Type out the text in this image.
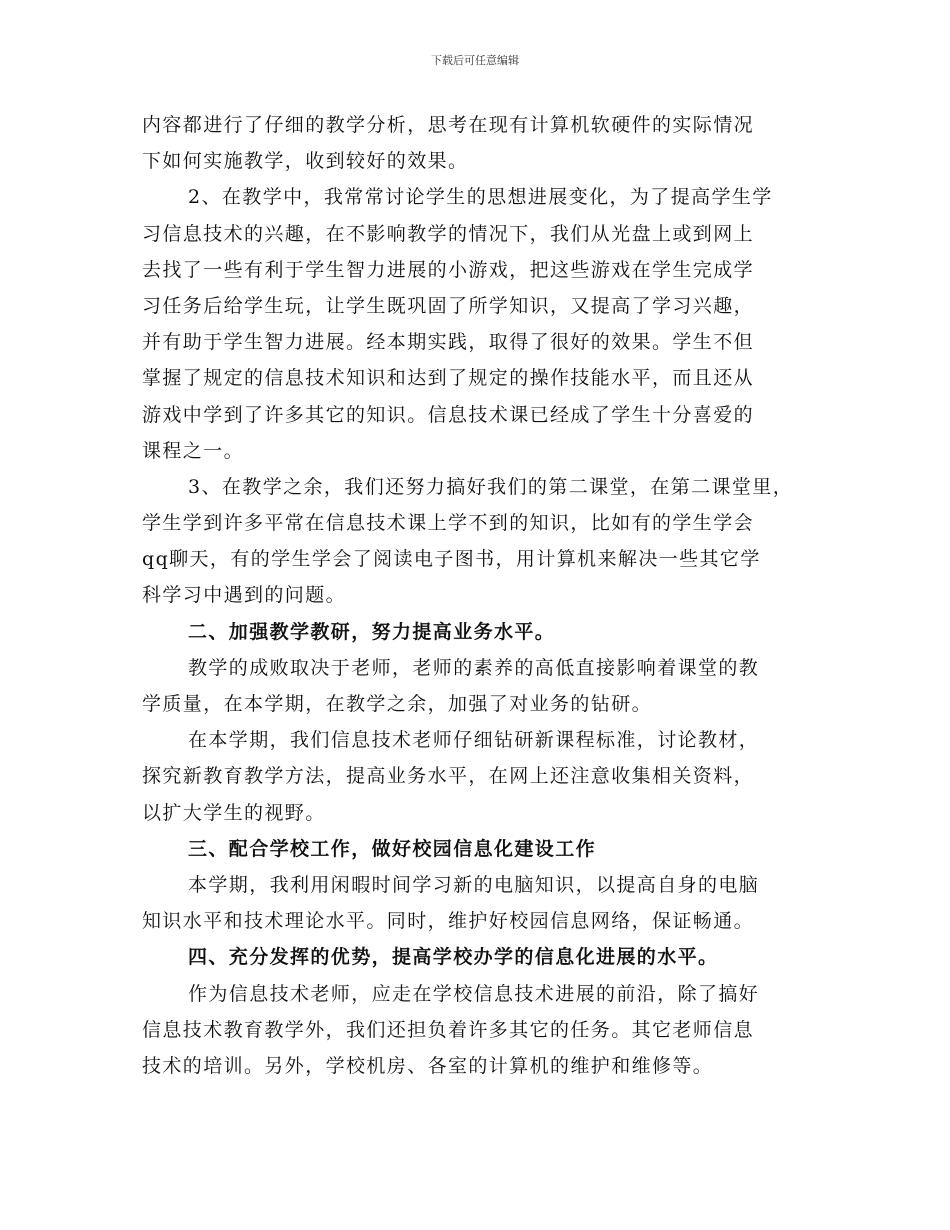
下载后可任意编辑
内容都进行了仔细的教学分析，思考在现有计算机软硬件的实际情况
下如何实施教学，收到较好的效果。
2、在教学中，我常常讨论学生的思想进展变化，为了提高学生学
习信息技术的兴趣，在不影响教学的情况下，我们从光盘上或到网上
去找了一些有利于学生智力进展的小游戏，把这些游戏在学生完成学
习任务后给学生玩，让学生既巩固了所学知识，又提高了学习兴趣，
并有助于学生智力进展。经本期实践，取得了很好的效果。学生不但
掌握了规定的信息技术知识和达到了规定的操作技能水平，而且还从
游戏中学到了许多其它的知识。信息技术课已经成了学生十分喜爱的
课程之一。
3、在教学之余，我们还努力搞好我们的第二课堂，在第二课堂里，
学生学到许多平常在信息技术课上学不到的知识，比如有的学生学会
qq聊天，有的学生学会了阅读电子图书，用计算机来解决一些其它学
科学习中遇到的问题。
二、加强教学教研，努力提高业务水平。
教学的成败取决于老师，老师的素养的高低直接影响着课堂的教
学质量，在本学期，在教学之余，加强了对业务的钻研。
在本学期，我们信息技术老师仔细钻研新课程标准，讨论教材，
探究新教育教学方法，提高业务水平，在网上还注意收集相关资料，
以扩大学生的视野。
三、配合学校工作，做好校园信息化建设工作
本学期，我利用闲暇时间学习新的电脑知识，以提高自身的电脑
知识水平和技术理论水平。同时，维护好校园信息网络，保证畅通。
四、充分发挥的优势，提高学校办学的信息化进展的水平。
作为信息技术老师，应走在学校信息技术进展的前沿，除了搞好
信息技术教育教学外，我们还担负着许多其它的任务。其它老师信息
技术的培训。另外，学校机房、各室的计算机的维护和维修等。
